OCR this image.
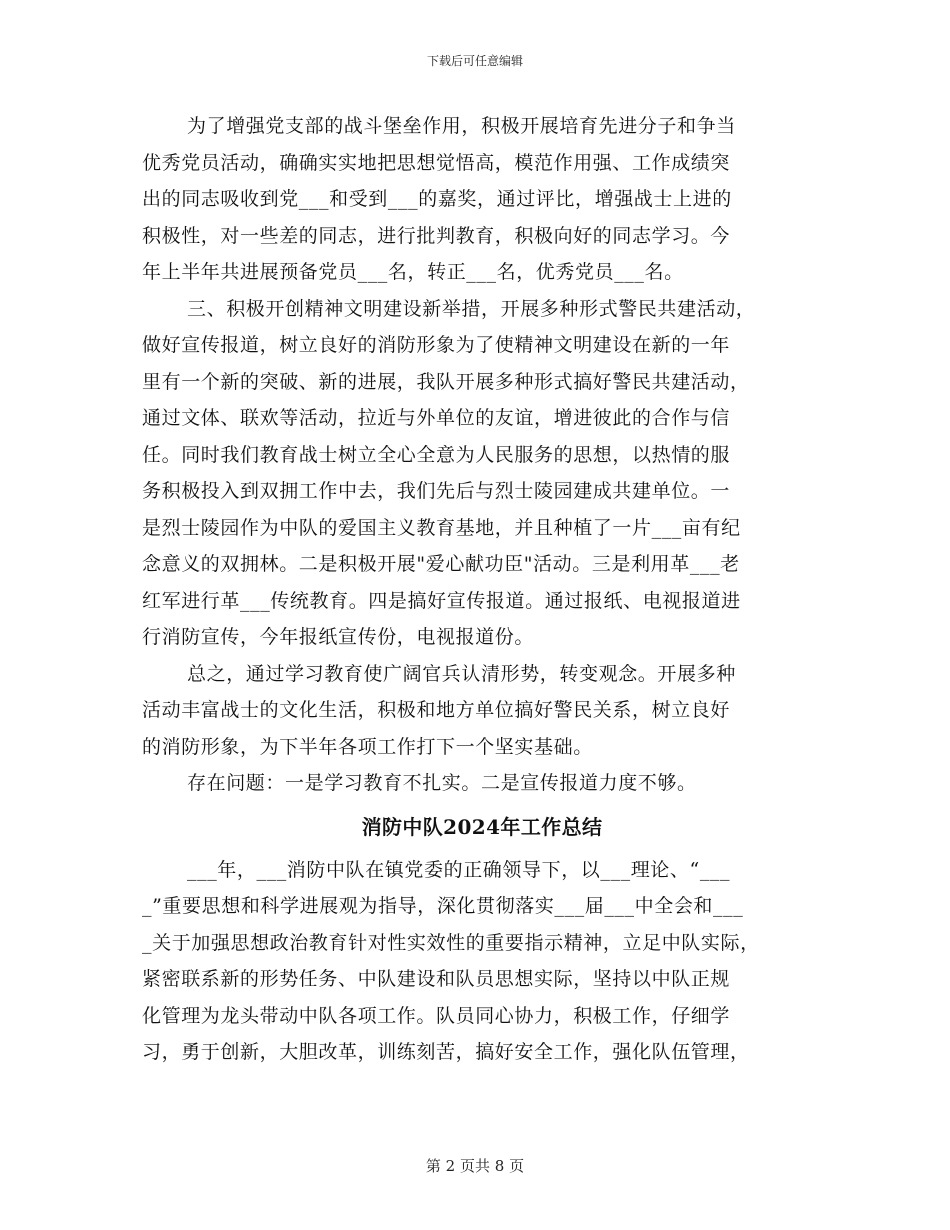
下载后可任意编辑
为了增强党支部的战斗堡垒作用，积极开展培育先进分子和争当
优秀党员活动，确确实实地把思想觉悟高，模范作用强、工作成绩突
出的同志吸收到党___和受到___的嘉奖，通过评比，增强战士上进的
积极性，对一些差的同志，进行批判教育，积极向好的同志学习。今
年上半年共进展预备党员___名，转正___名，优秀党员___名。
三、积极开创精神文明建设新举措，开展多种形式警民共建活动，
做好宣传报道，树立良好的消防形象为了使精神文明建设在新的一年
里有一个新的突破、新的进展，我队开展多种形式搞好警民共建活动，
通过文体、联欢等活动，拉近与外单位的友谊，增进彼此的合作与信
任。同时我们教育战士树立全心全意为人民服务的思想，以热情的服
务积极投入到双拥工作中去，我们先后与烈士陵园建成共建单位。一
是烈士陵园作为中队的爱国主义教育基地，并且种植了一片___亩有纪
念意义的双拥林。二是积极开展"爱心献功臣"活动。三是利用革___老
红军进行革___传统教育。四是搞好宣传报道。通过报纸、电视报道进
行消防宣传，今年报纸宣传份，电视报道份。
总之，通过学习教育使广阔官兵认清形势，转变观念。开展多种
活动丰富战士的文化生活，积极和地方单位搞好警民关系，树立良好
的消防形象，为下半年各项工作打下一个坚实基础。
存在问题：一是学习教育不扎实。二是宣传报道力度不够。
消防中队2024年工作总结
___年，___消防中队在镇党委的正确领导下，以___理论、“___
_”重要思想和科学进展观为指导，深化贯彻落实___届___中全会和___
_关于加强思想政治教育针对性实效性的重要指示精神，立足中队实际，
紧密联系新的形势任务、中队建设和队员思想实际，坚持以中队正规
化管理为龙头带动中队各项工作。队员同心协力，积极工作，仔细学
习，勇于创新，大胆改革，训练刻苦，搞好安全工作，强化队伍管理，
第 2 页共 8 页
